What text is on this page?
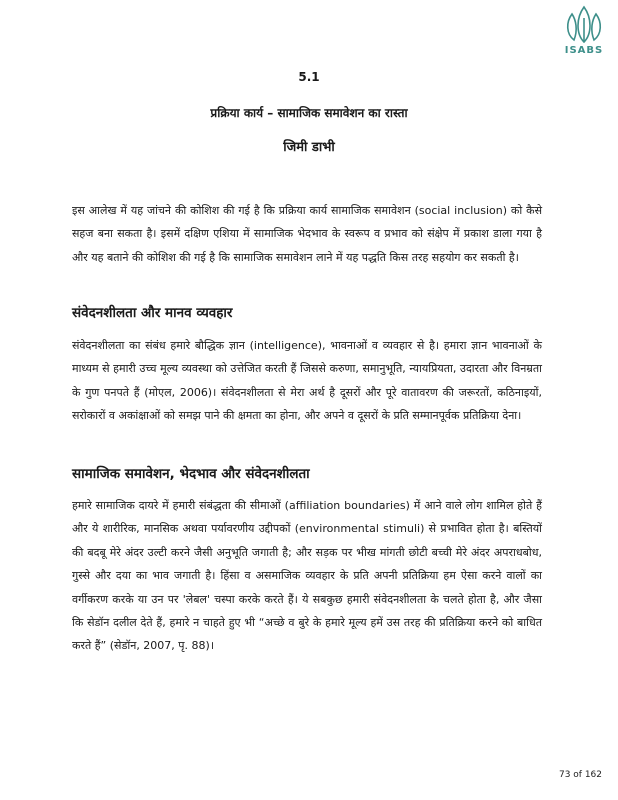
ISABS
5.1
प्रक्रिया कार्य – सामाजिक समावेशन का रास्ता
जिमी डाभी

इस आलेख में यह जांचने की कोशिश की गई है कि प्रक्रिया कार्य सामाजिक समावेशन (social inclusion) को कैसे सहज बना सकता है। इसमें दक्षिण एशिया में सामाजिक भेदभाव के स्वरूप व प्रभाव को संक्षेप में प्रकाश डाला गया है और यह बताने की कोशिश की गई है कि सामाजिक समावेशन लाने में यह पद्धति किस तरह सहयोग कर सकती है।

संवेदनशीलता और मानव व्यवहार

संवेदनशीलता का संबंध हमारे बौद्धिक ज्ञान (intelligence), भावनाओं व व्यवहार से है। हमारा ज्ञान भावनाओं के माध्यम से हमारी उच्च मूल्य व्यवस्था को उत्तेजित करती हैं जिससे करुणा, समानुभूति, न्यायप्रियता, उदारता और विनम्रता के गुण पनपते हैं (मोएल, 2006)। संवेदनशीलता से मेरा अर्थ है दूसरों और पूरे वातावरण की जरूरतों, कठिनाइयों, सरोकारों व अकांक्षाओं को समझ पाने की क्षमता का होना, और अपने व दूसरों के प्रति सम्मानपूर्वक प्रतिक्रिया देना।

सामाजिक समावेशन, भेदभाव और संवेदनशीलता

हमारे सामाजिक दायरे में हमारी संबंद्धता की सीमाओं (affiliation boundaries) में आने वाले लोग शामिल होते हैं और ये शारीरिक, मानसिक अथवा पर्यावरणीय उद्दीपकों (environmental stimuli) से प्रभावित होता है। बस्तियों की बदबू मेरे अंदर उल्टी करने जैसी अनुभूति जगाती है; और सड़क पर भीख मांगती छोटी बच्ची मेरे अंदर अपराधबोध, गुस्से और दया का भाव जगाती है। हिंसा व असमाजिक व्यवहार के प्रति अपनी प्रतिक्रिया हम ऐसा करने वालों का वर्गीकरण करके या उन पर 'लेबल' चस्पा करके करते हैं। ये सबकुछ हमारी संवेदनशीलता के चलते होता है, और जैसा कि सेडॉन दलील देते हैं, हमारे न चाहते हुए भी “अच्छे व बुरे के हमारे मूल्य हमें उस तरह की प्रतिक्रिया करने को बाधित करते हैं” (सेडॉन, 2007, पृ. 88)।

73 of 162
